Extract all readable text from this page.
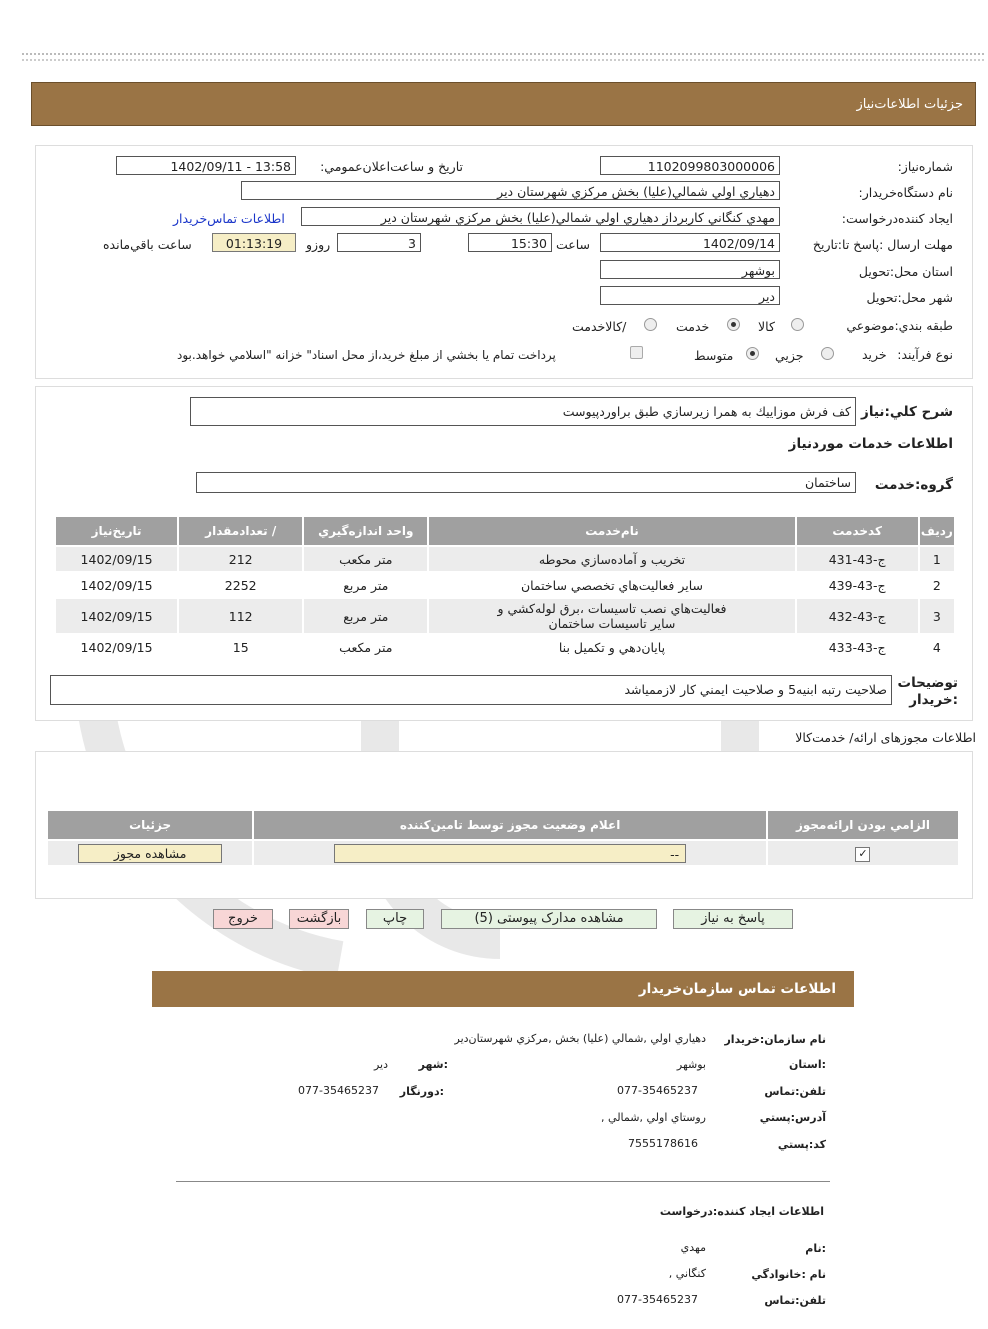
جزئيات اطلاعات‌نياز
شماره‌نياز:
1102099803000006
تاريخ و ساعت‌اعلان‌عمومي:
1402/09/11 - 13:58
نام دستگاه‌خريدار:
دهياري اولي شمالي(عليا) بخش مركزي شهرستان دير
ايجاد كننده‌درخواست:
مهدي كنگاني كاربرداز دهياري اولي شمالي(عليا) بخش مركزي شهرستان دير
اطلاعات تماس‌خريدار
مهلت ارسال :پاسخ تا:تاريخ
1402/09/14
ساعت
15:30
3
روزو
01:13:19
ساعت باقي‌مانده
استان محل:تحويل
بوشهر
شهر محل:تحويل
دير
طبقه بندي:موضوعي
كالا
خدمت
/كالاخدمت
نوع فرآيند:
خريد
جزيي
متوسط
پرداخت تمام يا بخشي از مبلغ خريد،از محل اسناد" خزانه "اسلامي خواهد.بود
شرح كلي:نياز
كف فرش موزاييك به همرا زيرسازي طبق براوردپيوست
اطلاعات خدمات موردنياز
گروه:خدمت
ساختمان
رديف	كدخدمت	نام‌خدمت	واحد اندازه‌گيري	/ تعدادمقدار	تاريخ‌نياز
1	ج-43-431	تخريب و آماده‌سازي محوطه	متر مكعب	212	1402/09/15
2	ج-43-439	ساير فعاليت‌هاي تخصصي ساختمان	متر مربع	2252	1402/09/15
3	ج-43-432	فعاليت‌هاي نصب تاسيسات ،برق لوله‌كشي و ساير تاسيسات ساختمان	متر مربع	112	1402/09/15
4	ج-43-433	پايان‌دهي و تكميل بنا	متر مكعب	15	1402/09/15
توضيحات :خريدار
صلاحيت رتبه ابنيه5 و صلاحيت ايمني كار لازممياشد
اطلاعات مجوزهای ارائه/ خدمت‌کالا
الزامي بودن ارائه‌مجوز	اعلام وضعيت مجوز توسط تامين‌كننده	جزئيات
✓	--	مشاهده مجوز
پاسخ به نیاز
مشاهده مدارک پیوستی (5)
چاپ
بازگشت
خروج
اطلاعات تماس سازمان‌خريدار
نام سازمان:خريدار
دهياري اولي ,شمالي (عليا) بخش ,مركزي شهرستان‌دير
:استان
بوشهر
:شهر
دير
تلفن:تماس
077-35465237
:دورنگار
077-35465237
آدرس:پستي
روستاي اولي ,شمالي ,
كد:پستي
7555178616
اطلاعات ايجاد كننده:درخواست
:نام
مهدي
نام :خانوادگي
كنگاني ,
تلفن:تماس
077-35465237
